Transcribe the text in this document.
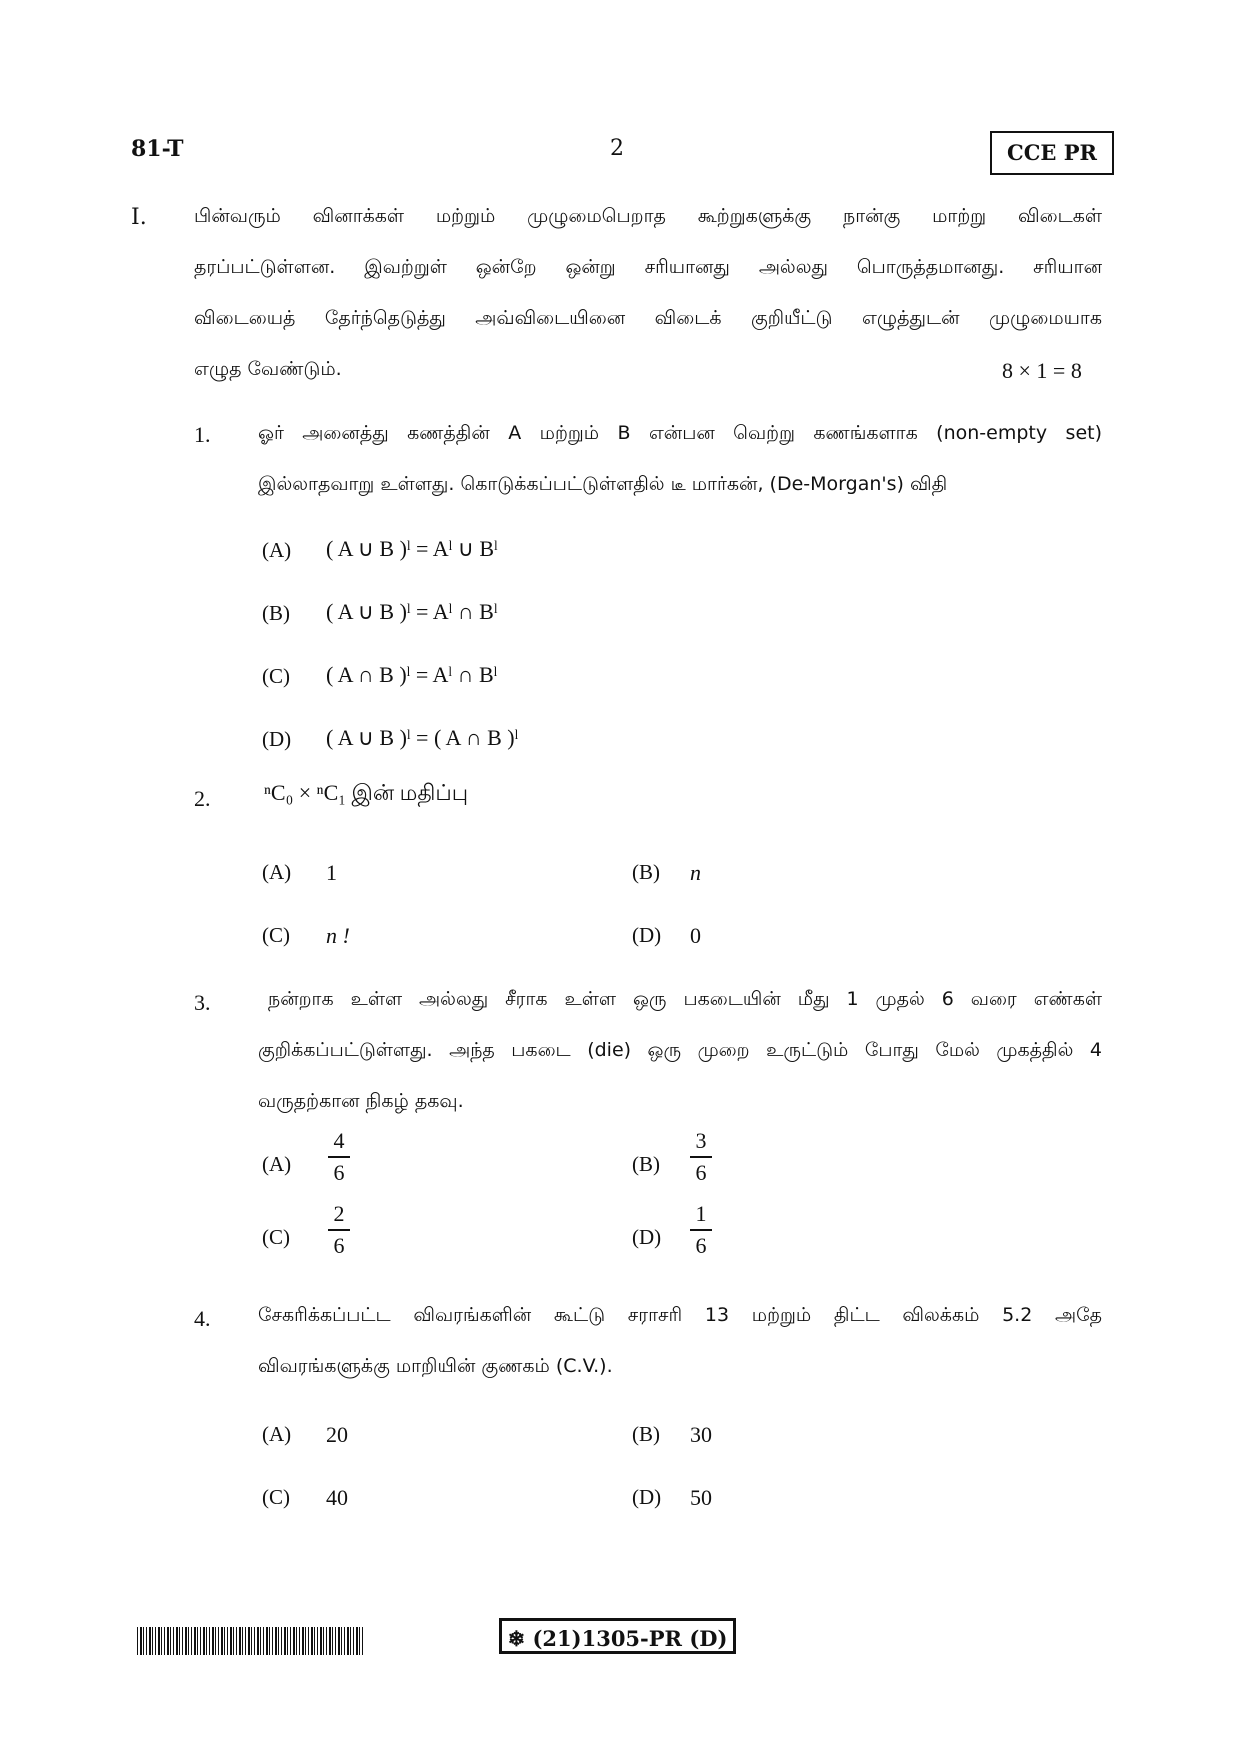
81-T	2	CCE PR
I. பின்வரும் வினாக்கள் மற்றும் முழுமைபெறாத கூற்றுகளுக்கு நான்கு மாற்று விடைகள்
தரப்பட்டுள்ளன. இவற்றுள் ஒன்றே ஒன்று சரியானது அல்லது பொருத்தமானது. சரியான
விடையைத் தேர்ந்தெடுத்து அவ்விடையினை விடைக் குறியீட்டு எழுத்துடன் முழுமையாக
எழுத வேண்டும்.	8 × 1 = 8
1.	ஓர் அனைத்து கணத்தின் A மற்றும் B என்பன வெற்று கணங்களாக (non-empty set)
இல்லாதவாறு உள்ளது. கொடுக்கப்பட்டுள்ளதில் டீ மார்கன், (De-Morgan's) விதி
(A) ( A ∪ B )ˡ = Aˡ ∪ Bˡ
(B) ( A ∪ B )ˡ = Aˡ ∩ Bˡ
(C) ( A ∩ B )ˡ = Aˡ ∩ Bˡ
(D) ( A ∪ B )ˡ = ( A ∩ B )ˡ
2. ⁿC₀ × ⁿC₁ இன் மதிப்பு
(A) 1	(B) n
(C) n !	(D) 0
3.	நன்றாக உள்ள அல்லது சீராக உள்ள ஒரு பகடையின் மீது 1 முதல் 6 வரை எண்கள்
குறிக்கப்பட்டுள்ளது. அந்த பகடை (die) ஒரு முறை உருட்டும் போது மேல் முகத்தில் 4
வருதற்கான நிகழ் தகவு.
(A)
4
6	(B)
3
6
(C)
2
6	(D)
1
6
4.	சேகரிக்கப்பட்ட விவரங்களின் கூட்டு சராசரி 13 மற்றும் திட்ட விலக்கம் 5.2 அதே
விவரங்களுக்கு மாறியின் குணகம் (C.V.).
(A) 20	(B) 30
(C) 40	(D) 50
❄ (21)1305-PR (D)
